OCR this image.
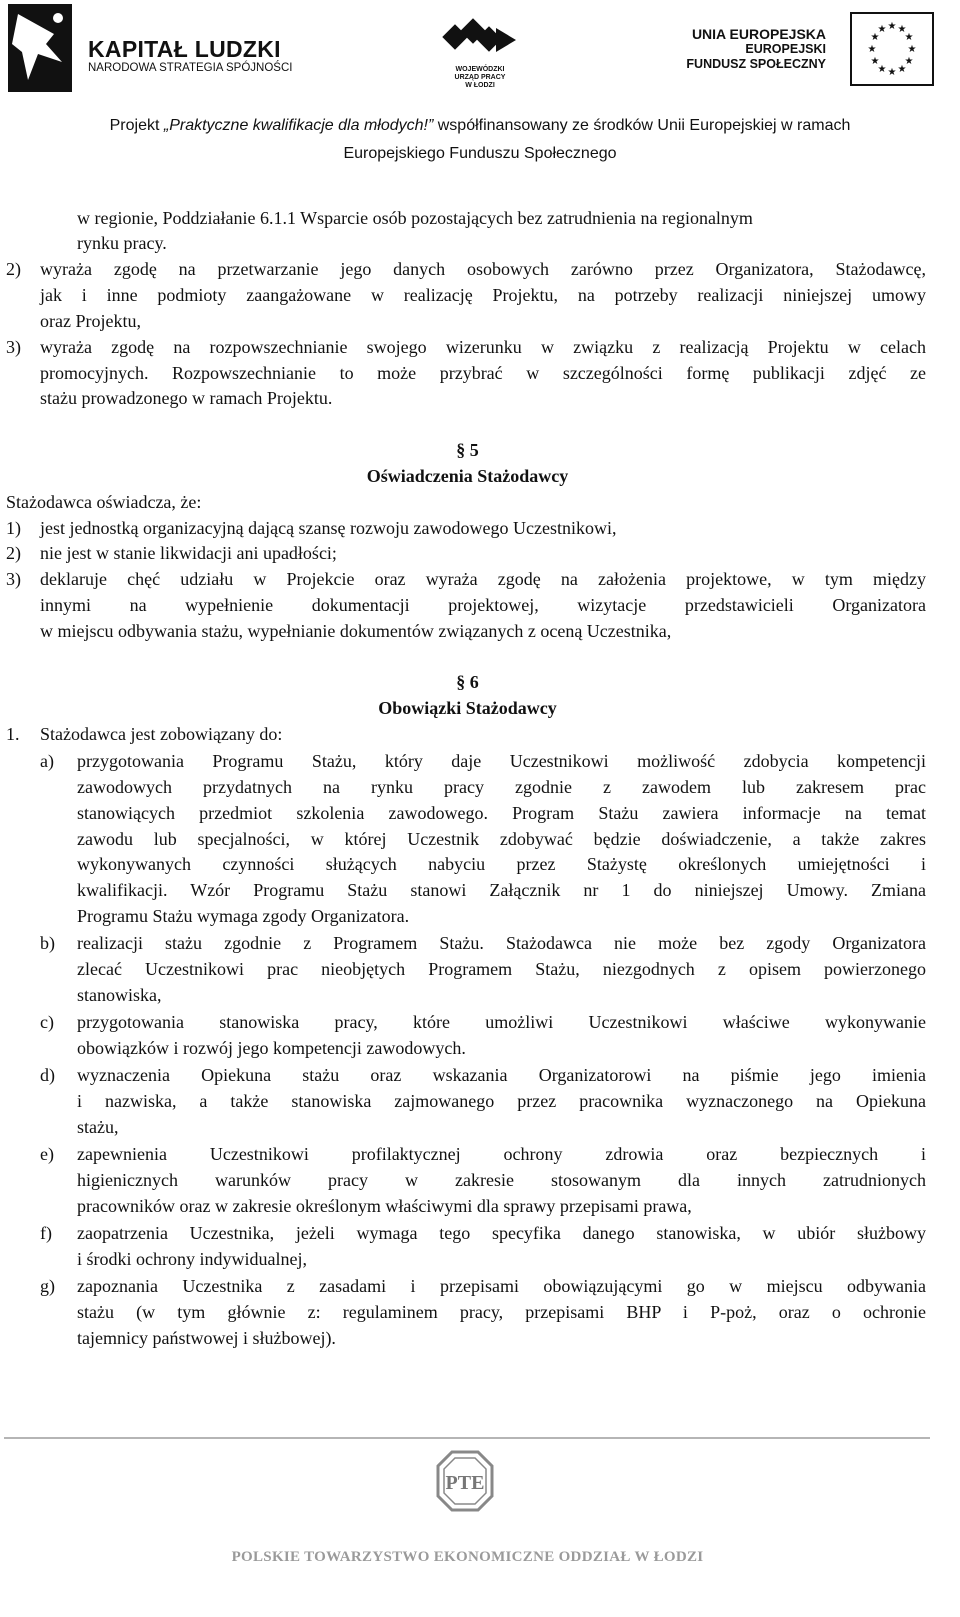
KAPITAŁ LUDZKI
NARODOWA STRATEGIA SPÓJNOŚCI	WOJEWÓDZKI
URZĄD PRACY
W ŁODZI
UNIA EUROPEJSKA
EUROPEJSKI
FUNDUSZ SPOŁECZNY
★ ★
★
★
★
★
★
★
★
★
★
★
Projekt „Praktyczne kwalifikacje dla młodych!” współfinansowany ze środków Unii Europejskiej w ramach
Europejskiego Funduszu Społecznego
w regionie, Poddziałanie 6.1.1 Wsparcie osób pozostających bez zatrudnienia na regionalnym
rynku pracy.
2) wyraża zgodę na przetwarzanie jego danych osobowych zarówno przez Organizatora, Stażodawcę,
jak i inne podmioty zaangażowane w realizację Projektu, na potrzeby realizacji niniejszej umowy
oraz Projektu,
3) wyraża zgodę na rozpowszechnianie swojego wizerunku w związku z realizacją Projektu w celach
promocyjnych. Rozpowszechnianie to może przybrać w szczególności formę publikacji zdjęć ze
stażu prowadzonego w ramach Projektu.
§ 5
Oświadczenia Stażodawcy
Stażodawca oświadcza, że:
1) jest jednostką organizacyjną dającą szansę rozwoju zawodowego Uczestnikowi,
2) nie jest w stanie likwidacji ani upadłości;
3) deklaruje chęć udziału w Projekcie oraz wyraża zgodę na założenia projektowe, w tym między
innymi na wypełnienie dokumentacji projektowej, wizytacje przedstawicieli Organizatora
w miejscu odbywania stażu, wypełnianie dokumentów związanych z oceną Uczestnika,
§ 6
Obowiązki Stażodawcy
1. Stażodawca jest zobowiązany do:
a) przygotowania Programu Stażu, który daje Uczestnikowi możliwość zdobycia kompetencji
zawodowych przydatnych na rynku pracy zgodnie z zawodem lub zakresem prac
stanowiących przedmiot szkolenia zawodowego. Program Stażu zawiera informacje na temat
zawodu lub specjalności, w której Uczestnik zdobywać będzie doświadczenie, a także zakres
wykonywanych czynności służących nabyciu przez Stażystę określonych umiejętności i
kwalifikacji. Wzór Programu Stażu stanowi Załącznik nr 1 do niniejszej Umowy. Zmiana
Programu Stażu wymaga zgody Organizatora.
b) realizacji stażu zgodnie z Programem Stażu. Stażodawca nie może bez zgody Organizatora
zlecać Uczestnikowi prac nieobjętych Programem Stażu, niezgodnych z opisem powierzonego
stanowiska,
c) przygotowania stanowiska pracy, które umożliwi Uczestnikowi właściwe wykonywanie
obowiązków i rozwój jego kompetencji zawodowych.
d) wyznaczenia Opiekuna stażu oraz wskazania Organizatorowi na piśmie jego imienia
i nazwiska, a także stanowiska zajmowanego przez pracownika wyznaczonego na Opiekuna
stażu,
e) zapewnienia Uczestnikowi profilaktycznej ochrony zdrowia oraz bezpiecznych i
higienicznych warunków pracy w zakresie stosowanym dla innych zatrudnionych
pracowników oraz w zakresie określonym właściwymi dla sprawy przepisami prawa,
f) zaopatrzenia Uczestnika, jeżeli wymaga tego specyfika danego stanowiska, w ubiór służbowy
i środki ochrony indywidualnej,
g) zapoznania Uczestnika z zasadami i przepisami obowiązującymi go w miejscu odbywania
stażu (w tym głównie z: regulaminem pracy, przepisami BHP i P-poż, oraz o ochronie
tajemnicy państwowej i służbowej).
PTE
POLSKIE TOWARZYSTWO EKONOMICZNE ODDZIAŁ W ŁODZI
